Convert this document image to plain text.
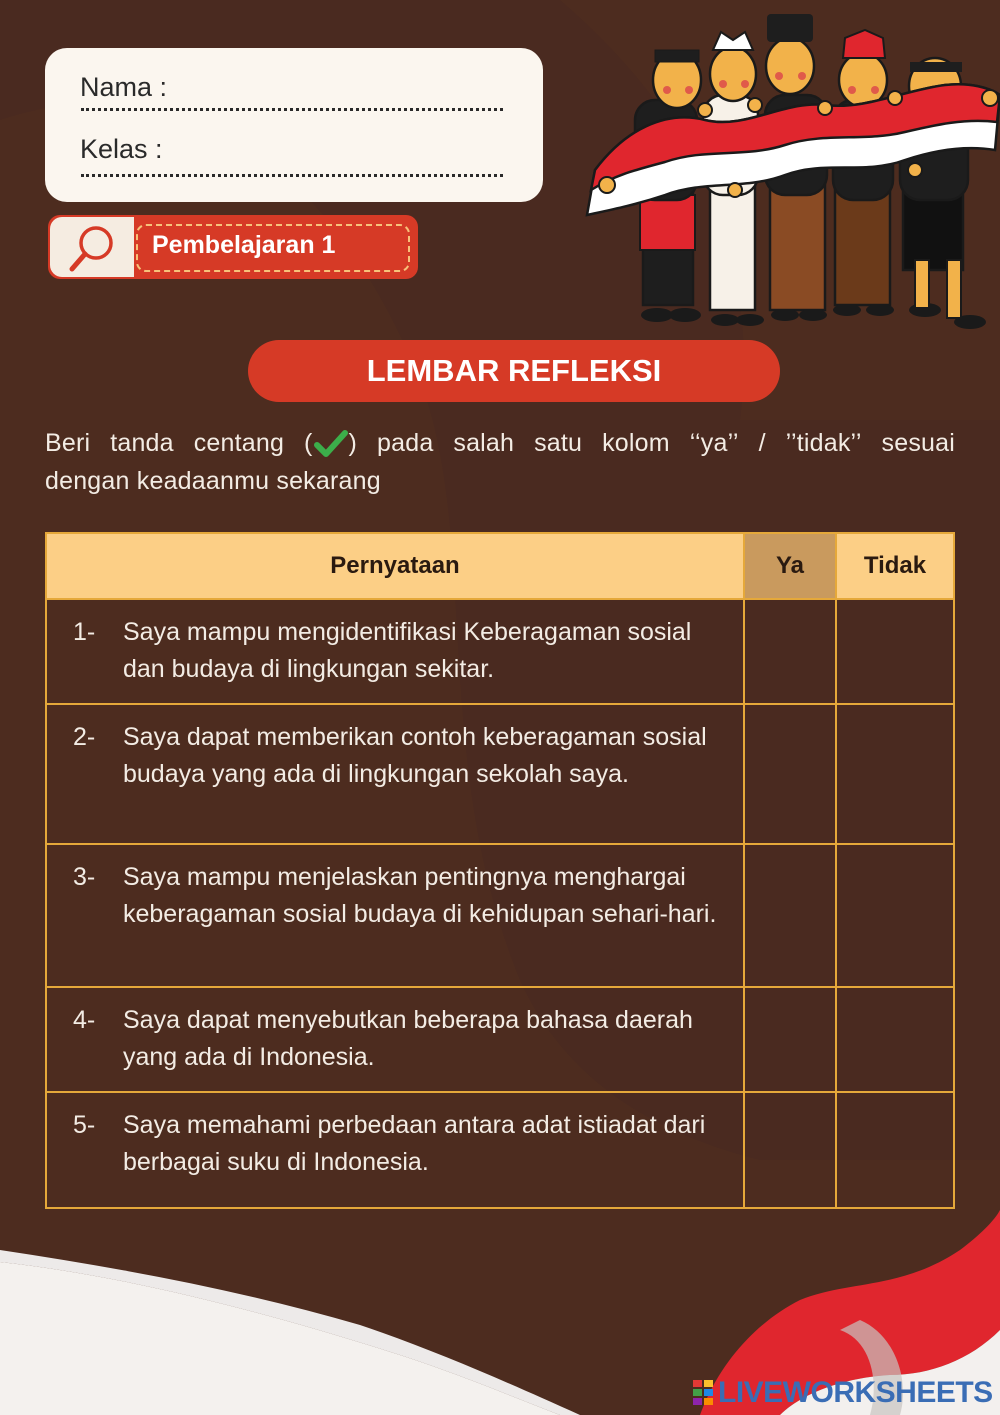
Nama :
Kelas :
Pembelajaran 1
LEMBAR REFLEKSI
Beri tanda centang ( ) pada salah satu kolom ‘‘ya’’ / ’’tidak’’ sesuai
dengan keadaanmu sekarang
Pernyataan	Ya	Tidak

1- Saya mampu mengidentifikasi Keberagaman sosial dan budaya di lingkungan sekitar.		

2- Saya dapat memberikan contoh keberagaman sosial budaya yang ada di lingkungan sekolah saya.		

3- Saya mampu menjelaskan pentingnya menghargai keberagaman sosial budaya di kehidupan sehari-hari.		

4- Saya dapat menyebutkan beberapa bahasa daerah yang ada di Indonesia.		

5- Saya memahami perbedaan antara adat istiadat dari berbagai suku di Indonesia.		

LIVEWORKSHEETS
